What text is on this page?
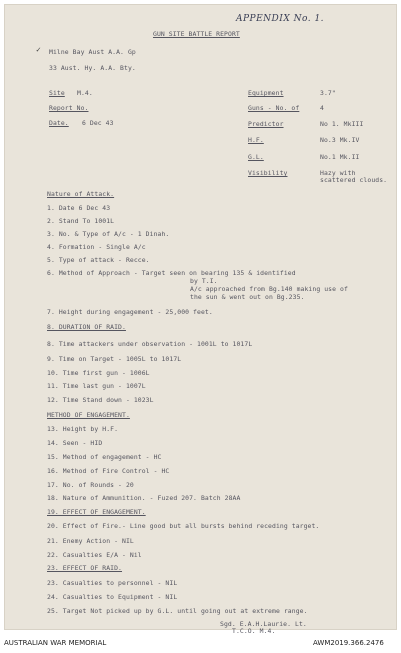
APPENDIX No. 1.
GUN SITE BATTLE REPORT
✓ Milne Bay Aust A.A. Gp
33 Aust. Hy. A.A. Bty.
Site M.4.
Report No.
Date. 6 Dec 43
Equipment	3.7"
Guns - No. of	4
Predictor	No 1. MkIII
H.F.	No.3 Mk.IV
G.L.	No.1 Mk.II
Visibility	Hazy with
scattered clouds.
Nature of Attack.
1. Date 6 Dec 43
2. Stand To 1001L
3. No. & Type of A/c - 1 Dinah.
4. Formation - Single A/c
5. Type of attack - Recce.
6. Method of Approach - Target seen on bearing 135 & identified
by T.I.
A/c approached from Bg.140 making use of
the sun & went out on Bg.235.
7. Height during engagement - 25,000 feet.
8. DURATION OF RAID.
8. Time attackers under observation - 1001L to 1017L
9. Time on Target - 1005L to 1017L
10. Time first gun - 1006L
11. Time last gun - 1007L
12. Time Stand down - 1023L
METHOD OF ENGAGEMENT.
13. Height by H.F.
14. Seen - HID
15. Method of engagement - HC
16. Method of Fire Control - HC
17. No. of Rounds - 20
18. Nature of Ammunition. - Fuzed 207. Batch 28AA
19. EFFECT OF ENGAGEMENT.
20. Effect of Fire.- Line good but all bursts behind receding target.
21. Enemy Action - NIL
22. Casualties E/A - Nil
23. EFFECT OF RAID.
23. Casualties to personnel - NIL
24. Casualties to Equipment - NIL
25. Target Not picked up by G.L. until going out at extreme range.
Sgd. E.A.H.Laurie. Lt.
T.C.O. M.4.
AUSTRALIAN WAR MEMORIAL	AWM2019.366.2476
